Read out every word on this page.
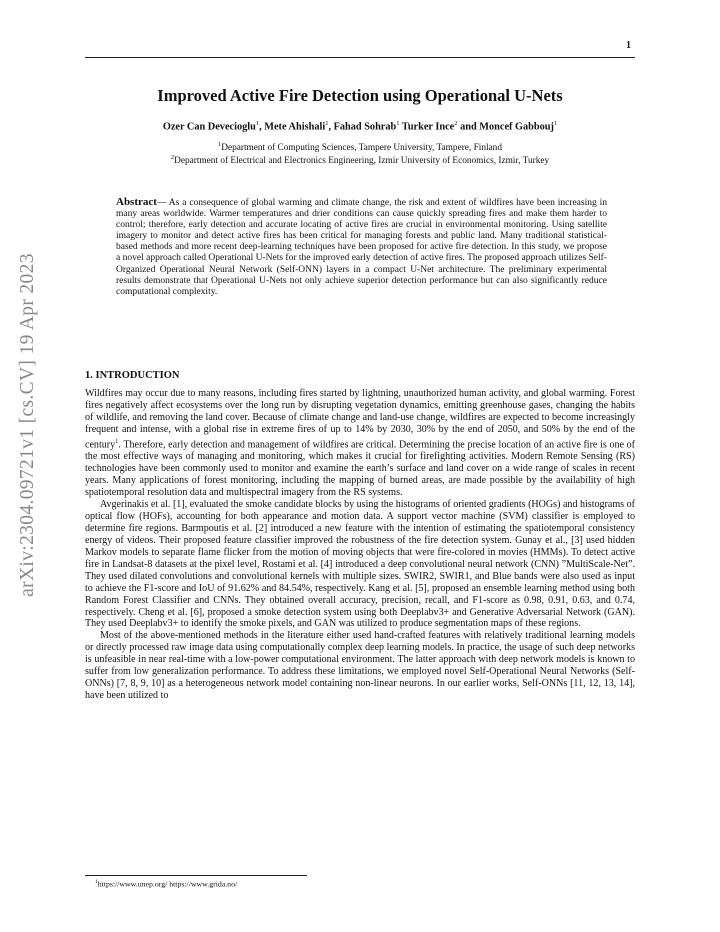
arXiv:2304.09721v1 [cs.CV] 19 Apr 2023
1
Improved Active Fire Detection using Operational U-Nets
Ozer Can Devecioglu$^1$, Mete Ahishali$^1$, Fahad Sohrab$^1$ Turker Ince$^2$ and Moncef Gabbouj$^1$

$^1$Department of Computing Sciences, Tampere University, Tampere, Finland

$^2$Department of Electrical and Electronics Engineering, Izmir University of Economics, Izmir, Turkey

Abstract— As a consequence of global warming and climate change, the risk and extent of wildfires have been increasing in many areas worldwide. Warmer temperatures and drier conditions can cause quickly spreading fires and make them harder to control; therefore, early detection and accurate locating of active fires are crucial in environmental monitoring. Using satellite imagery to monitor and detect active fires has been critical for managing forests and public land. Many traditional statistical-based methods and more recent deep-learning techniques have been proposed for active fire detection. In this study, we propose a novel approach called Operational U-Nets for the improved early detection of active fires. The proposed approach utilizes Self-Organized Operational Neural Network (Self-ONN) layers in a compact U-Net architecture. The preliminary experimental results demonstrate that Operational U-Nets not only achieve superior detection performance but can also significantly reduce computational complexity.

1. INTRODUCTION

Wildfires may occur due to many reasons, including fires started by lightning, unauthorized human activity, and global warming. Forest fires negatively affect ecosystems over the long run by disrupting vegetation dynamics, emitting greenhouse gases, changing the habits of wildlife, and removing the land cover. Because of climate change and land-use change, wildfires are expected to become increasingly frequent and intense, with a global rise in extreme fires of up to 14% by 2030, 30% by the end of 2050, and 50% by the end of the century$^1$. Therefore, early detection and management of wildfires are critical. Determining the precise location of an active fire is one of the most effective ways of managing and monitoring, which makes it crucial for firefighting activities. Modern Remote Sensing (RS) technologies have been commonly used to monitor and examine the earth’s surface and land cover on a wide range of scales in recent years. Many applications of forest monitoring, including the mapping of burned areas, are made possible by the availability of high spatiotemporal resolution data and multispectral imagery from the RS systems.

Avgerinakis et al. [1], evaluated the smoke candidate blocks by using the histograms of oriented gradients (HOGs) and histograms of optical flow (HOFs), accounting for both appearance and motion data. A support vector machine (SVM) classifier is employed to determine fire regions. Barmpoutis et al. [2] introduced a new feature with the intention of estimating the spatiotemporal consistency energy of videos. Their proposed feature classifier improved the robustness of the fire detection system. Gunay et al., [3] used hidden Markov models to separate flame flicker from the motion of moving objects that were fire-colored in movies (HMMs). To detect active fire in Landsat-8 datasets at the pixel level, Rostami et al. [4] introduced a deep convolutional neural network (CNN) ”MultiScale-Net”. They used dilated convolutions and convolutional kernels with multiple sizes. SWIR2, SWIR1, and Blue bands were also used as input to achieve the F1-score and IoU of 91.62% and 84.54%, respectively. Kang et al. [5], proposed an ensemble learning method using both Random Forest Classifier and CNNs. They obtained overall accuracy, precision, recall, and F1-score as 0.98, 0.91, 0.63, and 0.74, respectively. Cheng et al. [6], proposed a smoke detection system using both Deeplabv3+ and Generative Adversarial Network (GAN). They used Deeplabv3+ to identify the smoke pixels, and GAN was utilized to produce segmentation maps of these regions.

Most of the above-mentioned methods in the literature either used hand-crafted features with relatively traditional learning models or directly processed raw image data using computationally complex deep learning models. In practice, the usage of such deep networks is unfeasible in near real-time with a low-power computational environment. The latter approach with deep network models is known to suffer from low generalization performance. To address these limitations, we employed novel Self-Operational Neural Networks (Self-ONNs) [7, 8, 9, 10] as a heterogeneous network model containing non-linear neurons. In our earlier works, Self-ONNs [11, 12, 13, 14], have been utilized to

$^1$https://www.unep.org/ https://www.grida.no/
